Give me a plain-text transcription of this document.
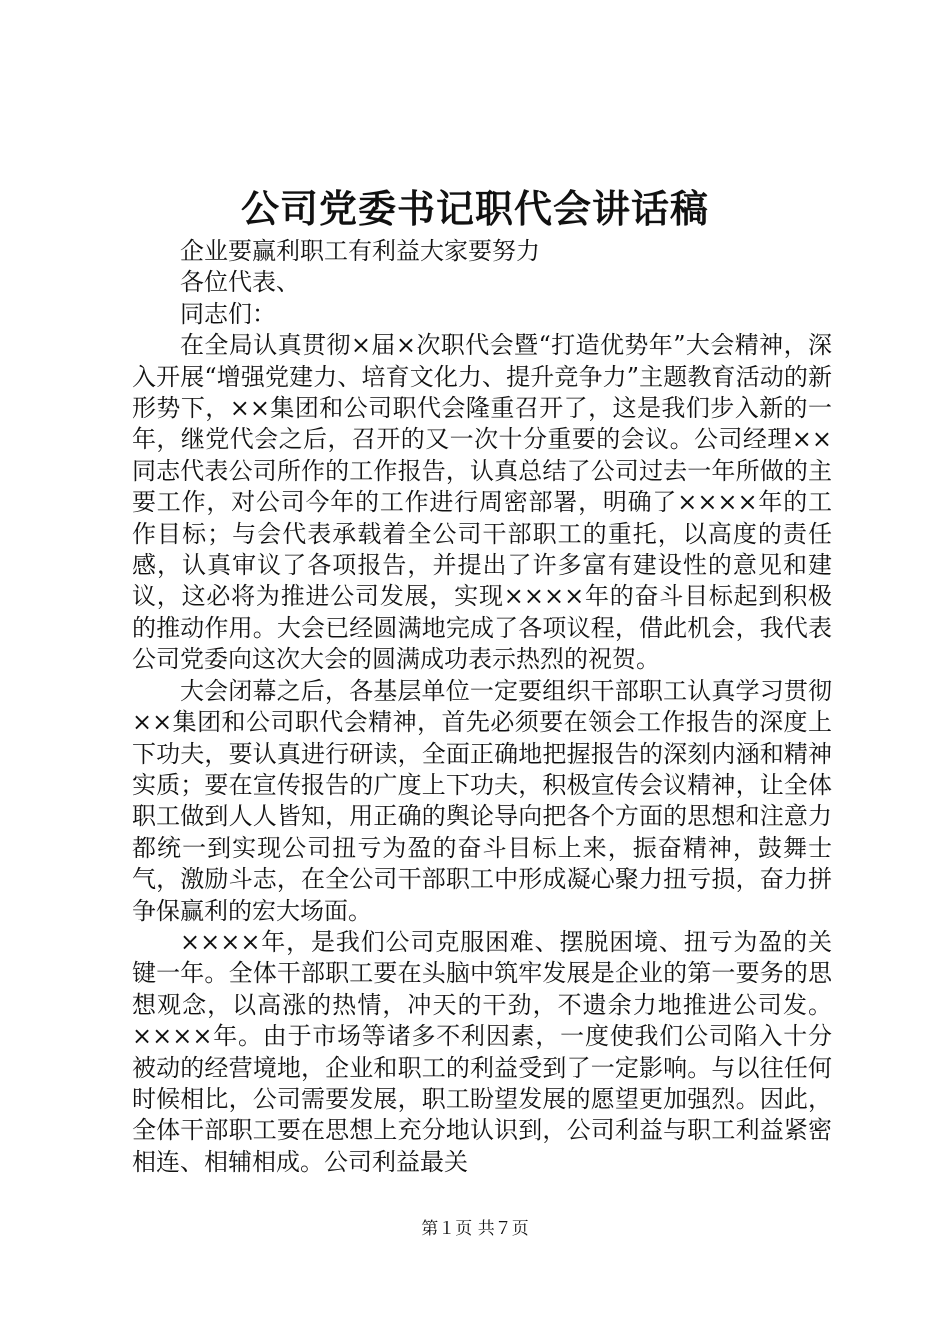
公司党委书记职代会讲话稿

企业要赢利职工有利益大家要努力

各位代表、

同志们：

在全局认真贯彻×届×次职代会暨“打造优势年”大会精神，深入开展“增强党建力、培育文化力、提升竞争力”主题教育活动的新形势下，××集团和公司职代会隆重召开了，这是我们步入新的一年，继党代会之后，召开的又一次十分重要的会议。公司经理××同志代表公司所作的工作报告，认真总结了公司过去一年所做的主要工作，对公司今年的工作进行周密部署，明确了××××年的工作目标；与会代表承载着全公司干部职工的重托，以高度的责任感，认真审议了各项报告，并提出了许多富有建设性的意见和建议，这必将为推进公司发展，实现××××年的奋斗目标起到积极的推动作用。大会已经圆满地完成了各项议程，借此机会，我代表公司党委向这次大会的圆满成功表示热烈的祝贺。

大会闭幕之后，各基层单位一定要组织干部职工认真学习贯彻××集团和公司职代会精神，首先必须要在领会工作报告的深度上下功夫，要认真进行研读，全面正确地把握报告的深刻内涵和精神实质；要在宣传报告的广度上下功夫，积极宣传会议精神，让全体职工做到人人皆知，用正确的舆论导向把各个方面的思想和注意力都统一到实现公司扭亏为盈的奋斗目标上来，振奋精神，鼓舞士气，激励斗志，在全公司干部职工中形成凝心聚力扭亏损，奋力拼争保赢利的宏大场面。

××××年，是我们公司克服困难、摆脱困境、扭亏为盈的关键一年。全体干部职工要在头脑中筑牢发展是企业的第一要务的思想观念，以高涨的热情，冲天的干劲，不遗余力地推进公司发。××××年。由于市场等诸多不利因素，一度使我们公司陷入十分被动的经营境地，企业和职工的利益受到了一定影响。与以往任何时候相比，公司需要发展，职工盼望发展的愿望更加强烈。因此，全体干部职工要在思想上充分地认识到，公司利益与职工利益紧密相连、相辅相成。公司利益最关

第１页 共７页
